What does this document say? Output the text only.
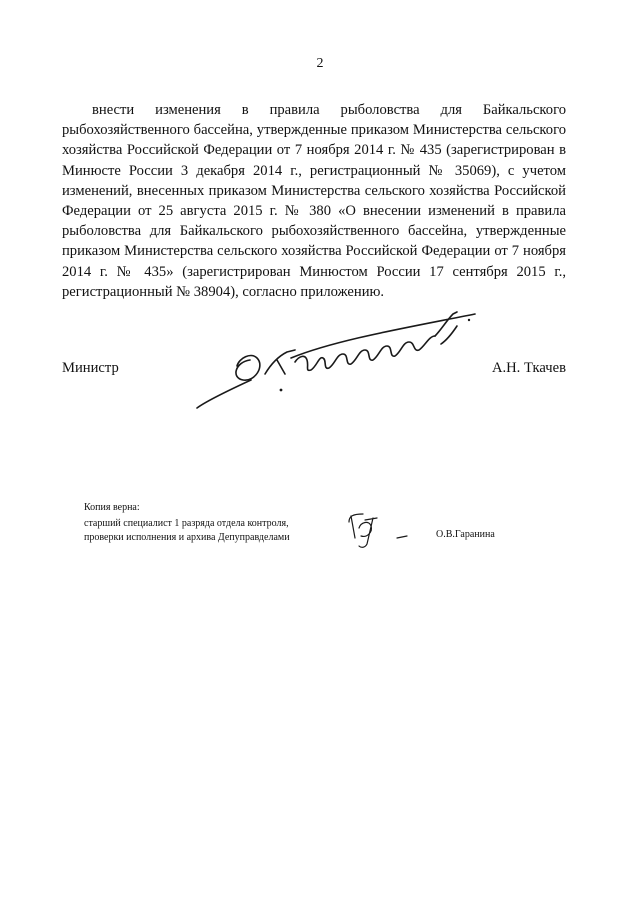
2

внести изменения в правила рыболовства для Байкальского рыбохозяйственного бассейна, утвержденные приказом Министерства сельского хозяйства Российской Федерации от 7 ноября 2014 г. № 435 (зарегистрирован в Минюсте России 3 декабря 2014 г., регистрационный № 35069), с учетом изменений, внесенных приказом Министерства сельского хозяйства Российской Федерации от 25 августа 2015 г. № 380 «О внесении изменений в правила рыболовства для Байкальского рыбохозяйственного бассейна, утвержденные приказом Министерства сельского хозяйства Российской Федерации от 7 ноября 2014 г. № 435» (зарегистрирован Минюстом России 17 сентября 2015 г., регистрационный № 38904), согласно приложению.

Министр	А.Н. Ткачев
Копия верна:
старший специалист 1 разряда отдела контроля,
проверки исполнения и архива Депуправделами	О.В.Гаранина
